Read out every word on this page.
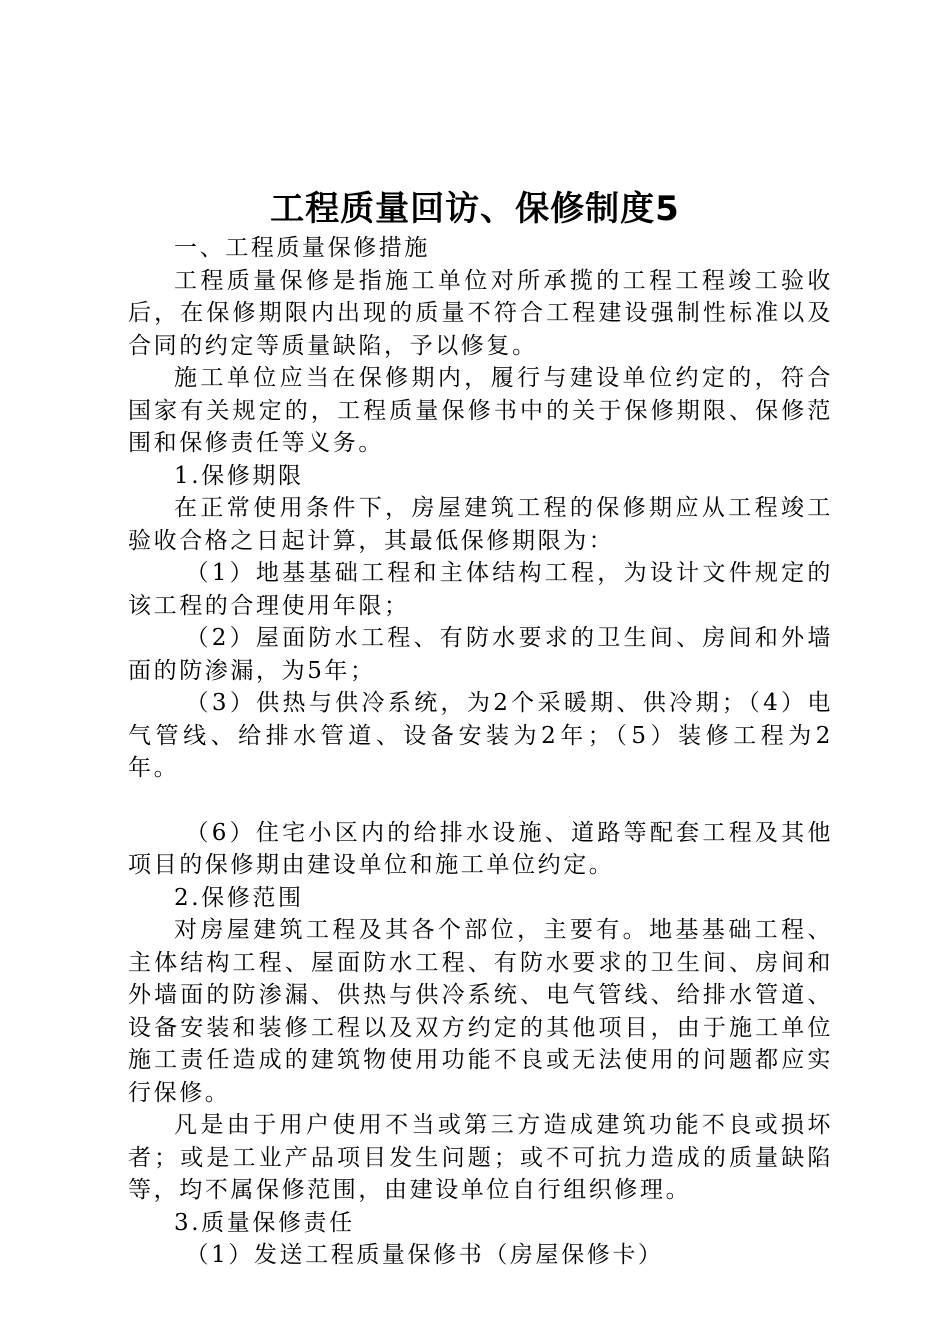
工程质量回访、保修制度5

一、工程质量保修措施

工程质量保修是指施工单位对所承揽的工程工程竣工验收后，在保修期限内出现的质量不符合工程建设强制性标准以及合同的约定等质量缺陷，予以修复。

施工单位应当在保修期内，履行与建设单位约定的，符合国家有关规定的，工程质量保修书中的关于保修期限、保修范围和保修责任等义务。

1.保修期限

在正常使用条件下，房屋建筑工程的保修期应从工程竣工验收合格之日起计算，其最低保修期限为：

（1）地基基础工程和主体结构工程，为设计文件规定的该工程的合理使用年限；

（2）屋面防水工程、有防水要求的卫生间、房间和外墙面的防渗漏，为5年；

（3）供热与供冷系统，为2个采暖期、供冷期；（4）电气管线、给排水管道、设备安装为2年；（5）装修工程为2年。

（6）住宅小区内的给排水设施、道路等配套工程及其他项目的保修期由建设单位和施工单位约定。

2.保修范围

对房屋建筑工程及其各个部位，主要有。地基基础工程、主体结构工程、屋面防水工程、有防水要求的卫生间、房间和外墙面的防渗漏、供热与供冷系统、电气管线、给排水管道、设备安装和装修工程以及双方约定的其他项目，由于施工单位施工责任造成的建筑物使用功能不良或无法使用的问题都应实行保修。

凡是由于用户使用不当或第三方造成建筑功能不良或损坏者；或是工业产品项目发生问题；或不可抗力造成的质量缺陷等，均不属保修范围，由建设单位自行组织修理。

3.质量保修责任

（1）发送工程质量保修书（房屋保修卡）
